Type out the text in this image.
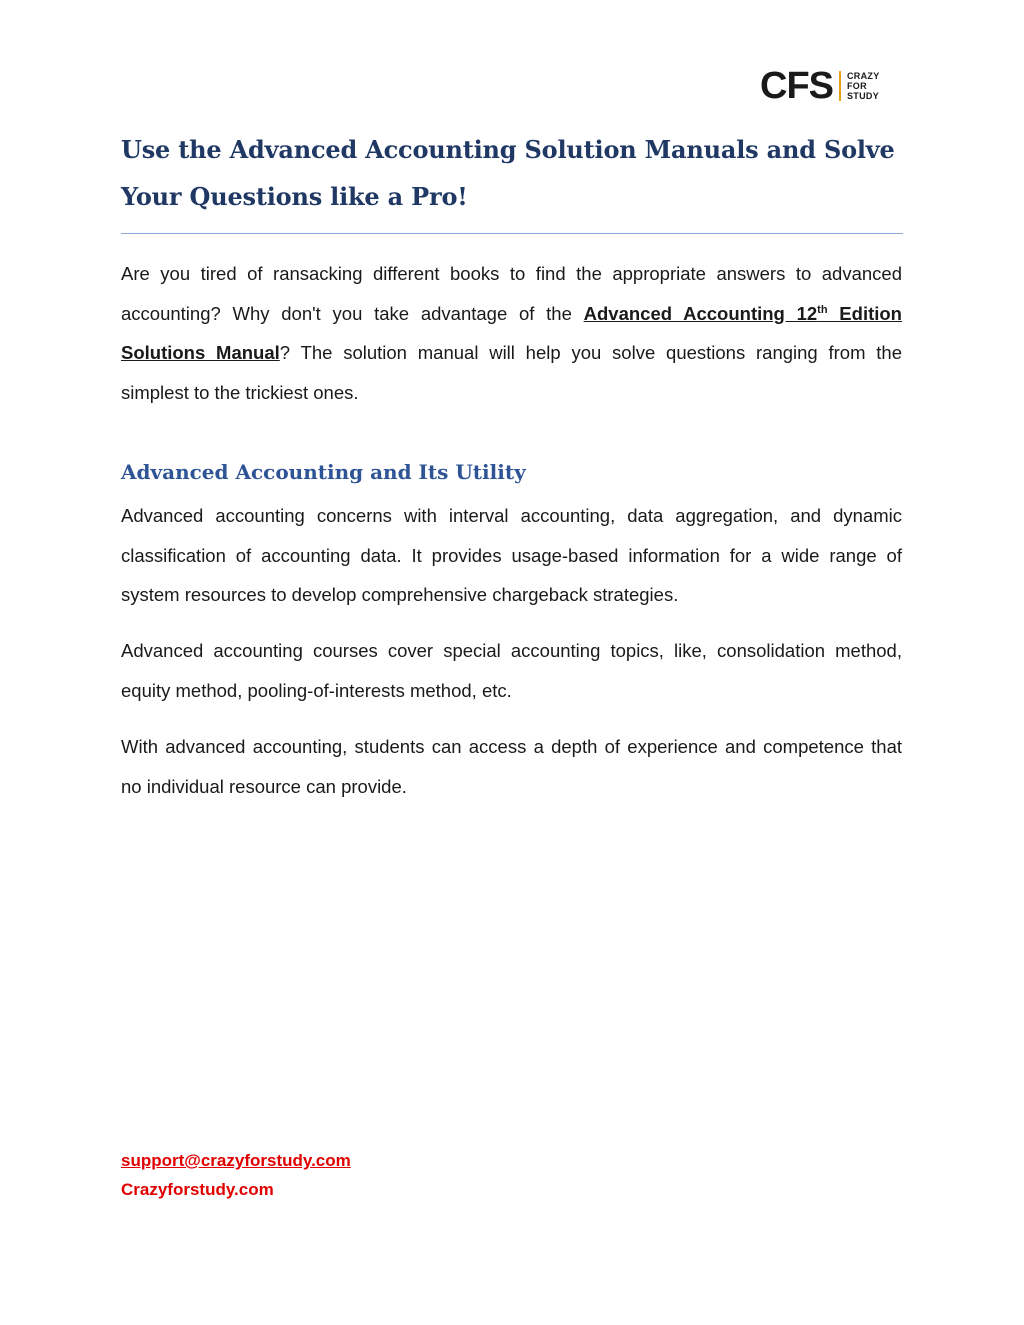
CFS CRAZY
FOR
STUDY
Use the Advanced Accounting Solution Manuals and Solve Your Questions like a Pro!

Are you tired of ransacking different books to find the appropriate answers to advanced accounting? Why don't you take advantage of the Advanced Accounting 12th Edition Solutions Manual? The solution manual will help you solve questions ranging from the simplest to the trickiest ones.

Advanced Accounting and Its Utility

Advanced accounting concerns with interval accounting, data aggregation, and dynamic classification of accounting data. It provides usage-based information for a wide range of system resources to develop comprehensive chargeback strategies.

Advanced accounting courses cover special accounting topics, like, consolidation method, equity method, pooling-of-interests method, etc.

With advanced accounting, students can access a depth of experience and competence that no individual resource can provide.

support@crazyforstudy.com
Crazyforstudy.com
